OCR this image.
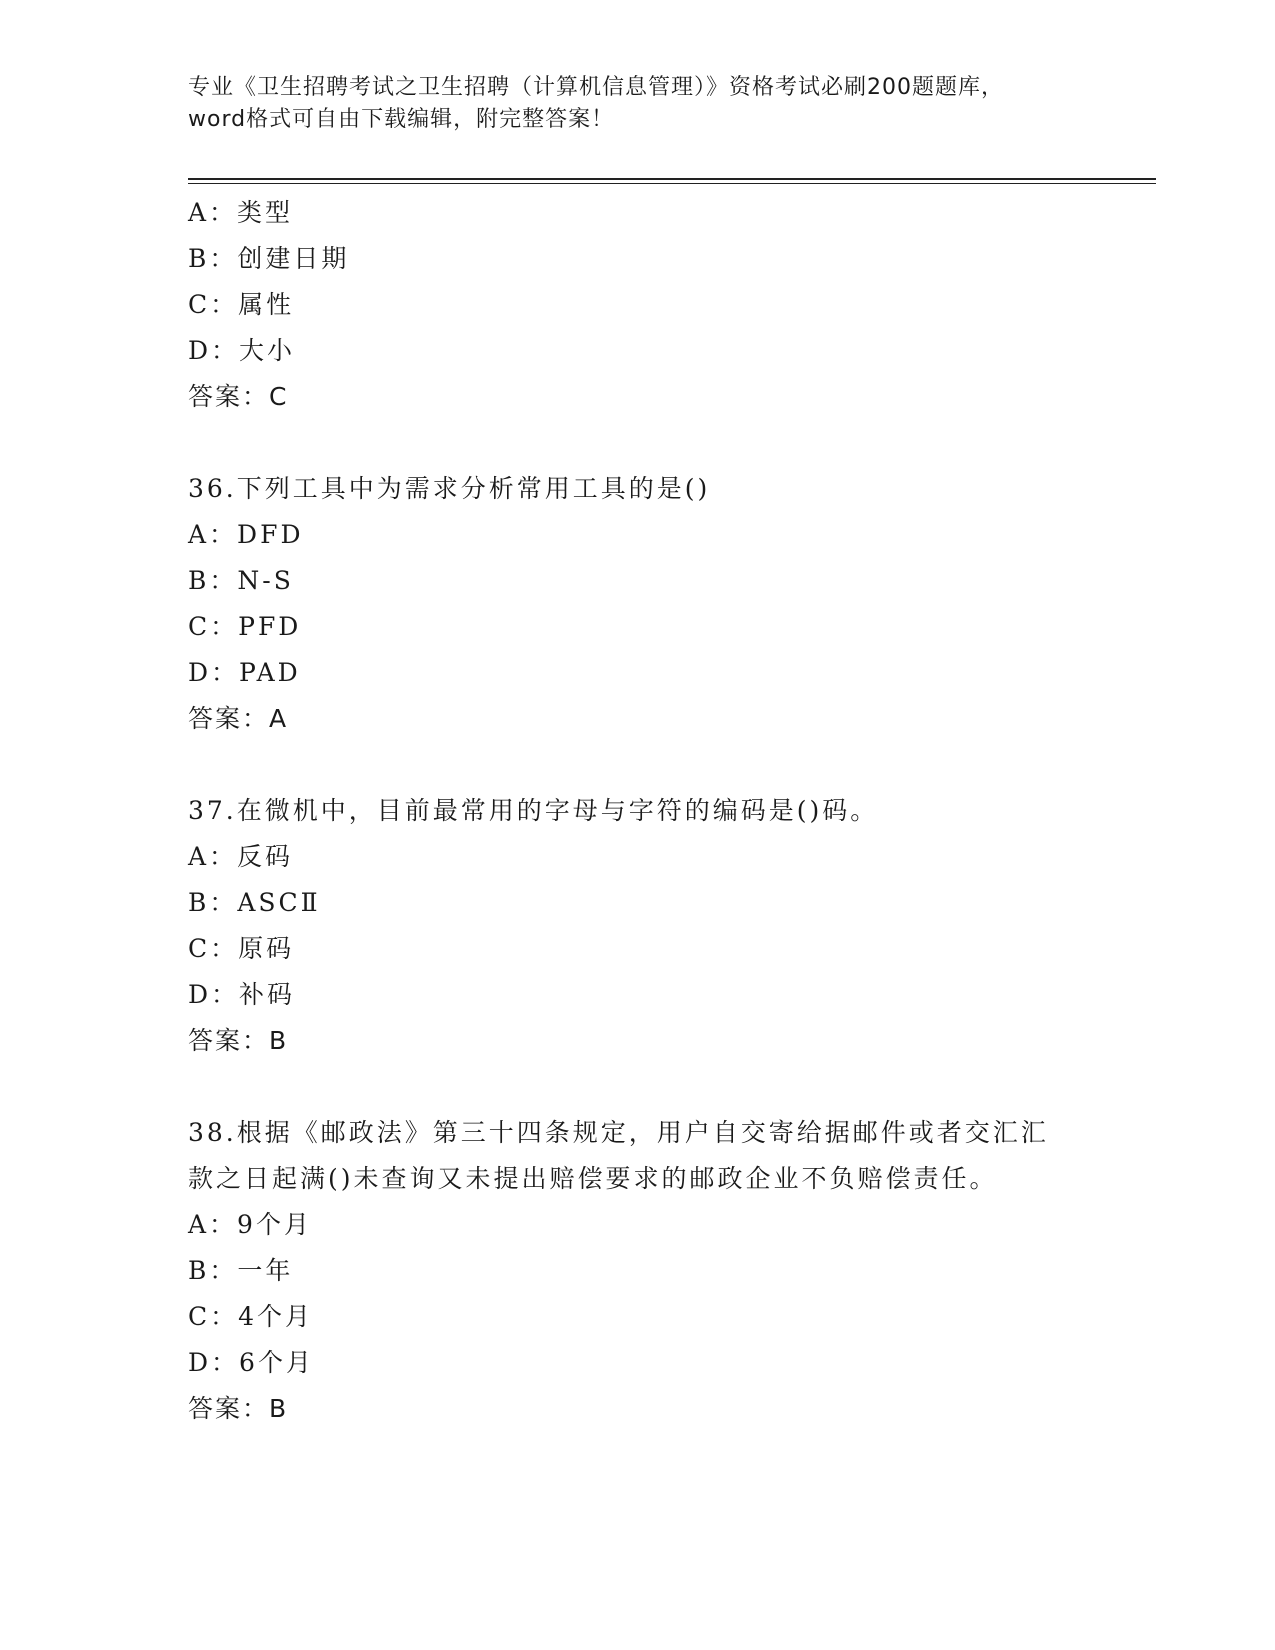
专业《卫生招聘考试之卫生招聘（计算机信息管理）》资格考试必刷200题题库，
word格式可自由下载编辑，附完整答案！
A：类型
B：创建日期
C：属性
D：大小
答案：C
36.下列工具中为需求分析常用工具的是()
A：DFD
B：N-S
C：PFD
D：PAD
答案：A
37.在微机中，目前最常用的字母与字符的编码是()码。
A：反码
B：ASCⅡ
C：原码
D：补码
答案：B
38.根据《邮政法》第三十四条规定，用户自交寄给据邮件或者交汇汇
款之日起满()未查询又未提出赔偿要求的邮政企业不负赔偿责任。
A：9个月
B：一年
C：4个月
D：6个月
答案：B
